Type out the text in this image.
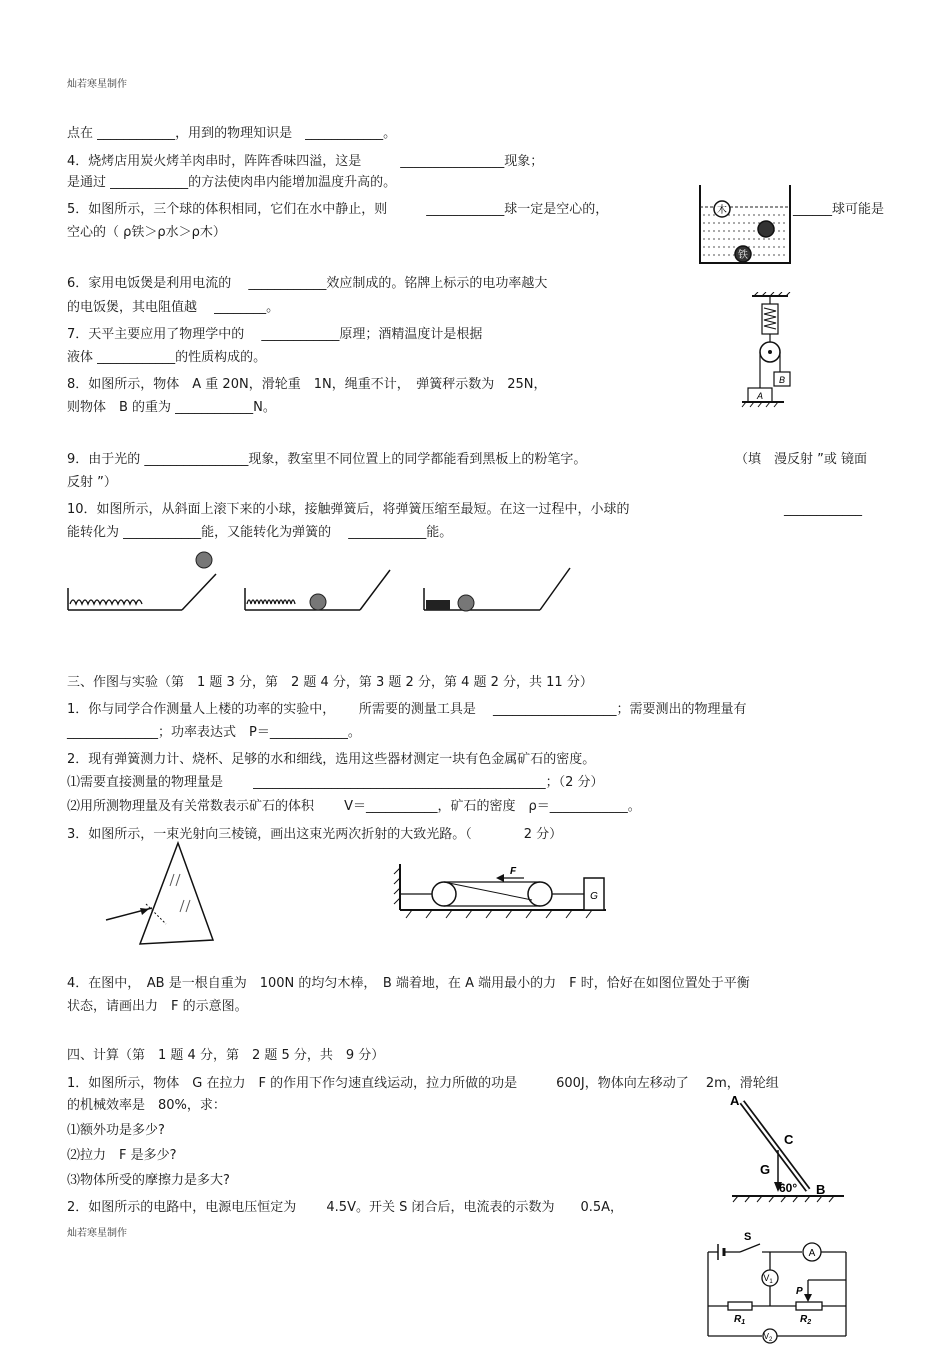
灿若寒星制作
点在 ____________，用到的物理知识是　____________。
4．烧烤店用炭火烤羊肉串时，阵阵香味四溢，这是　　　________________现象；
是通过 ____________的方法使肉串内能增加温度升高的。
5．如图所示，三个球的体积相同，它们在水中静止，则　　　____________球一定是空心的，	______球可能是
空心的（ ρ铁＞ρ水＞ρ木）
木
铁
6．家用电饭煲是利用电流的　 ____________效应制成的。铭牌上标示的电功率越大
的电饭煲，其电阻值越　 ________。
7．天平主要应用了物理学中的　 ____________原理；酒精温度计是根据
液体 ____________的性质构成的。
8．如图所示，物体　A 重 20N，滑轮重　1N，绳重不计，　弹簧秤示数为　25N，
则物体　B 的重为 ____________N。
B
A
9．由于光的 ________________现象，教室里不同位置上的同学都能看到黑板上的粉笔字。	（填　漫反射 ”或 镜面
反射 ”）
10．如图所示，从斜面上滚下来的小球，接触弹簧后，将弹簧压缩至最短。在这一过程中，小球的	____________
能转化为 ____________能，又能转化为弹簧的　 ____________能。
三、作图与实验（第　1 题 3 分，第　2 题 4 分，第 3 题 2 分，第 4 题 2 分，共 11 分）
1．你与同学合作测量人上楼的功率的实验中，　　 所需要的测量工具是　 ___________________；需要测出的物理量有
______________；功率表达式　P＝____________。
2．现有弹簧测力计、烧杯、足够的水和细线，选用这些器材测定一块有色金属矿石的密度。
⑴需要直接测量的物理量是　　 _____________________________________________；（2 分）
⑵用所测物理量及有关常数表示矿石的体积　　 V＝___________，矿石的密度　ρ＝____________。
3．如图所示，一束光射向三棱镜，画出这束光两次折射的大致光路。（　　　　2 分）
F
G
4．在图中，　AB 是一根自重为　100N 的均匀木棒，　B 端着地，在 A 端用最小的力　F 时，恰好在如图位置处于平衡
状态，请画出力　F 的示意图。
四、计算（第　1 题 4 分，第　2 题 5 分，共　9 分）
1．如图所示，物体　G 在拉力　F 的作用下作匀速直线运动，拉力所做的功是　　　600J，物体向左移动了　 2m，滑轮组
的机械效率是　80%，求：
⑴额外功是多少?
⑵拉力　F 是多少?
⑶物体所受的摩擦力是多大?
2．如图所示的电路中，电源电压恒定为　　 4.5V。开关 S 闭合后，电流表的示数为　　0.5A，
A
C
G
60° B
灿若寒星制作	S
A
$V_1$
P
$R_1$	$R_2$
$V_2$
